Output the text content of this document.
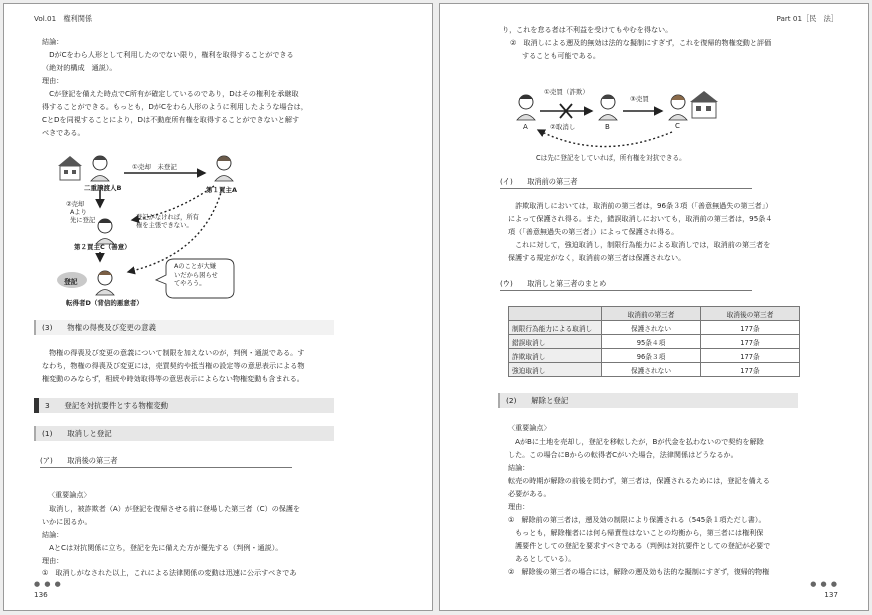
Vol.01　権利関係
結論：
　DがCをわら人形として利用したのでない限り，権利を取得することができる
（絶対的構成　通説）。
理由：
　Cが登記を備えた時点でC所有が確定しているのであり，Dはその権利を承継取
得することができる。もっとも，DがCをわら人形のように利用したような場合は，
CとDを同視することにより，Dは不動産所有権を取得することができないと解す
べきである。
二重譲渡人B
①売却　未登記
第１買主A
②売却
Aより
先に登記	登記がなければ，所有
権を主張できない。
第２買主C（善意）
登記
Aのことが大嫌
いだから困らせ
てやろう。
転得者D（背信的悪意者）
(3)　　 物権の得喪及び変更の意義
　物権の得喪及び変更の意義について制限を加えないのが，判例・通説である。す
なわち，物権の得喪及び変更には，売買契約や抵当権の設定等の意思表示による物
権変動のみならず，相続や時効取得等の意思表示によらない物権変動も含まれる。
3　　 登記を対抗要件とする物権変動
(1)　　 取消しと登記
(ア)　　 取消後の第三者
〈重要論点〉
　取消し，被詐欺者（A）が登記を復帰させる前に登場した第三者（C）の保護を
いかに図るか。
結論：
　AとCは対抗関係に立ち，登記を先に備えた方が優先する（判例・通説）。
理由：
①　取消しがなされた以上，これによる法律関係の変動は迅速に公示すべきであ
● ● ●
136
Part 01［民　法］
り，これを怠る者は不利益を受けてもやむを得ない。
②　取消しによる遡及的無効は法的な擬制にすぎず，これを復帰的物権変動と評価
することも可能である。
①売買（詐欺）
②取消し
③売買
A	B	C
Cは先に登記をしていれば，所有権を対抗できる。
(イ)　　 取消前の第三者
　詐欺取消しにおいては，取消前の第三者は，96条３項（「善意無過失の第三者」）
によって保護され得る。また，錯誤取消しにおいても，取消前の第三者は，95条４
項（「善意無過失の第三者」）によって保護され得る。
　これに対して，強迫取消し，制限行為能力による取消しでは，取消前の第三者を
保護する規定がなく，取消前の第三者は保護されない。
(ウ)　　 取消しと第三者のまとめ
	取消前の第三者	取消後の第三者
制限行為能力による取消し	保護されない	177条
錯誤取消し	95条４項	177条
詐欺取消し	96条３項	177条
強迫取消し	保護されない	177条
(2)　　 解除と登記
〈重要論点〉
　AがBに土地を売却し，登記を移転したが，Bが代金を払わないので契約を解除
した。この場合にBからの転得者Cがいた場合，法律関係はどうなるか。
結論：
転売の時期が解除の前後を問わず，第三者は，保護されるためには，登記を備える
必要がある。
理由：
①　解除前の第三者は，遡及効の制限により保護される（545条１項ただし書）。
　もっとも，解除権者には何ら帰責性はないことの均衡から，第三者には権利保
　護要件としての登記を要求すべきである（判例は対抗要件としての登記が必要で
　あるとしている）。
②　解除後の第三者の場合には，解除の遡及効も法的な擬制にすぎず，復帰的物権
● ● ●
137
